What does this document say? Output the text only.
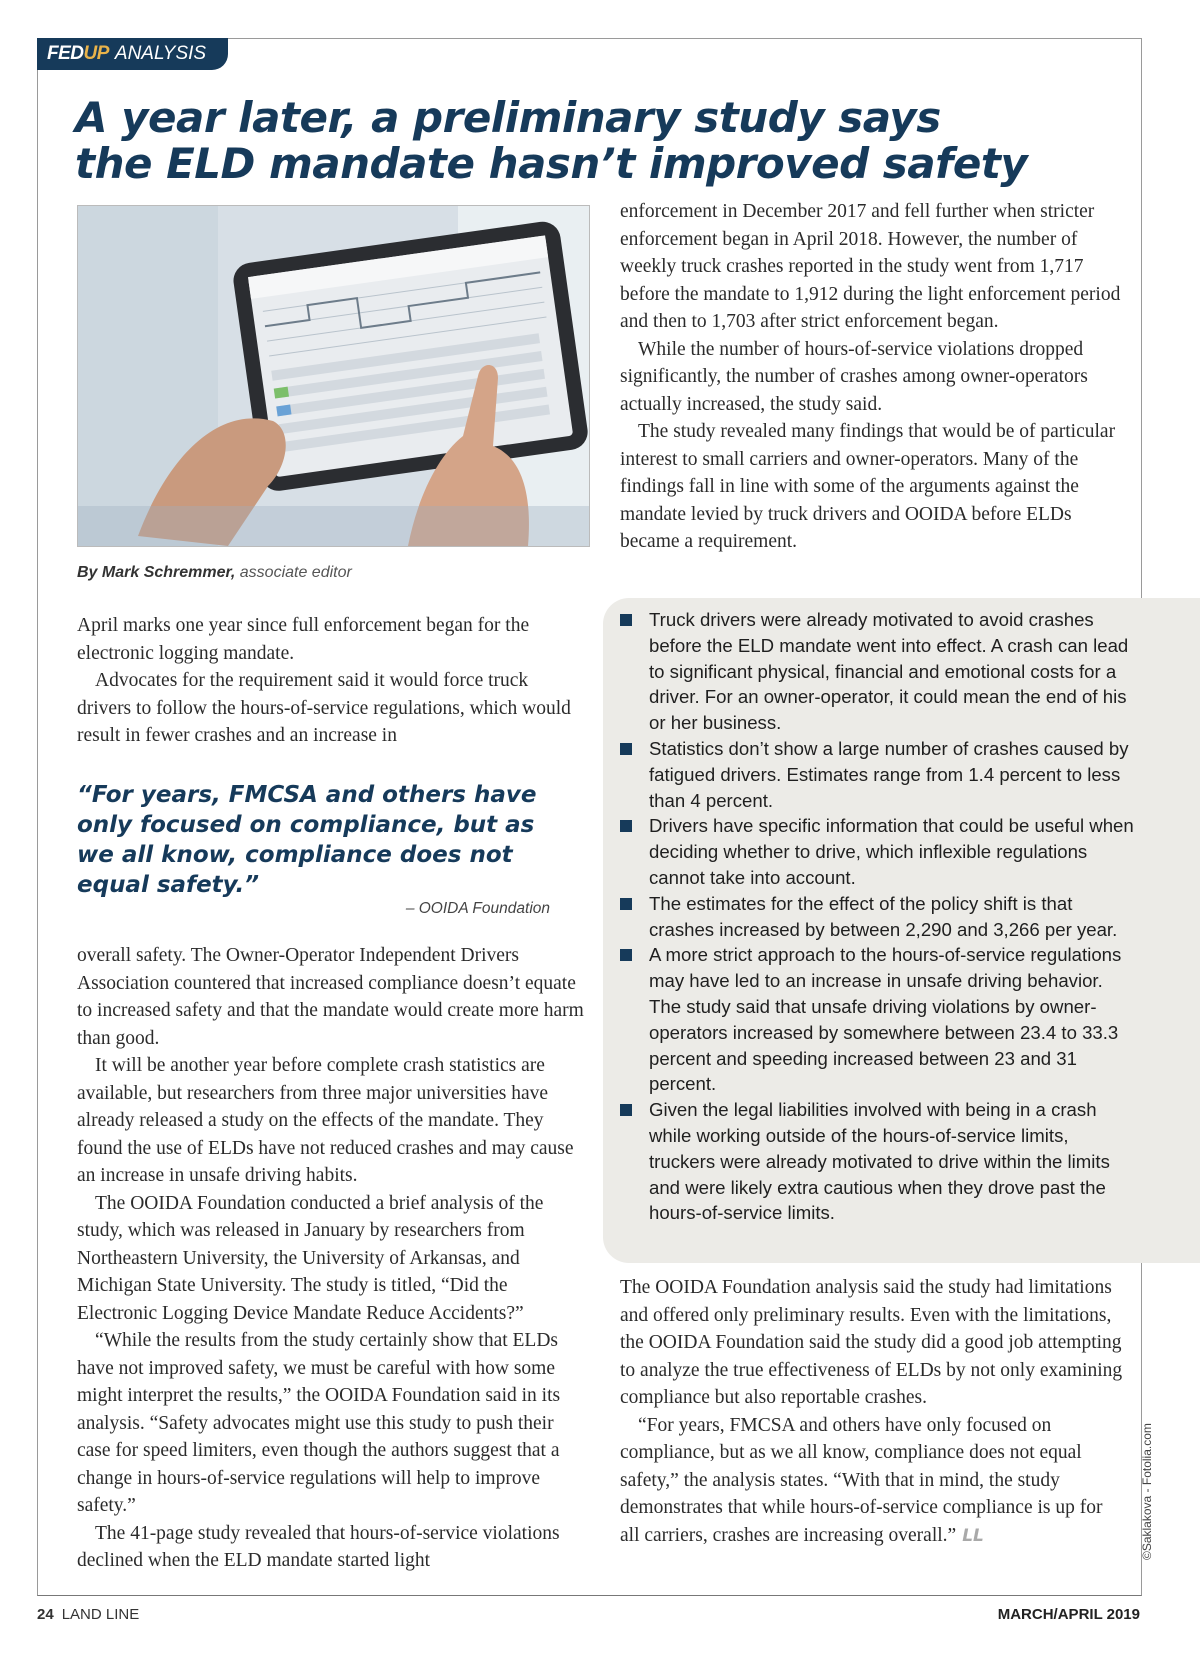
FED UP ANALYSIS
A year later, a preliminary study says
the ELD mandate hasn’t improved safety
By Mark Schremmer, associate editor

April marks one year since full enforcement began for the electronic logging mandate.

Advocates for the requirement said it would force truck drivers to follow the hours-of-service regulations, which would result in fewer crashes and an increase in

“For years, FMCSA and others have only focused on compliance, but as we all know, compliance does not equal safety.”
– OOIDA Foundation

overall safety. The Owner-Operator Independent Drivers Association countered that increased compliance doesn’t equate to increased safety and that the mandate would create more harm than good.

It will be another year before complete crash statistics are available, but researchers from three major universities have already released a study on the effects of the mandate. They found the use of ELDs have not reduced crashes and may cause an increase in unsafe driving habits.

The OOIDA Foundation conducted a brief analysis of the study, which was released in January by researchers from Northeastern University, the University of Arkansas, and Michigan State University. The study is titled, “Did the Electronic Logging Device Mandate Reduce Accidents?”

“While the results from the study certainly show that ELDs have not improved safety, we must be careful with how some might interpret the results,” the OOIDA Foundation said in its analysis. “Safety advocates might use this study to push their case for speed limiters, even though the authors suggest that a change in hours-of-service regulations will help to improve safety.”

The 41-page study revealed that hours-of-service violations declined when the ELD mandate started light

enforcement in December 2017 and fell further when stricter enforcement began in April 2018. However, the number of weekly truck crashes reported in the study went from 1,717 before the mandate to 1,912 during the light enforcement period and then to 1,703 after strict enforcement began.

While the number of hours-of-service violations dropped significantly, the number of crashes among owner-operators actually increased, the study said.

The study revealed many findings that would be of particular interest to small carriers and owner-operators. Many of the findings fall in line with some of the arguments against the mandate levied by truck drivers and OOIDA before ELDs became a requirement.

Truck drivers were already motivated to avoid crashes before the ELD mandate went into effect. A crash can lead to significant physical, financial and emotional costs for a driver. For an owner-operator, it could mean the end of his or her business.
Statistics don’t show a large number of crashes caused by fatigued drivers. Estimates range from 1.4 percent to less than 4 percent.
Drivers have specific information that could be useful when deciding whether to drive, which inflexible regulations cannot take into account.
The estimates for the effect of the policy shift is that crashes increased by between 2,290 and 3,266 per year.
A more strict approach to the hours-of-service regulations may have led to an increase in unsafe driving behavior. The study said that unsafe driving violations by owner-operators increased by somewhere between 23.4 to 33.3 percent and speeding increased between 23 and 31 percent.
Given the legal liabilities involved with being in a crash while working outside of the hours-of-service limits, truckers were already motivated to drive within the limits and were likely extra cautious when they drove past the hours-of-service limits.

The OOIDA Foundation analysis said the study had limitations and offered only preliminary results. Even with the limitations, the OOIDA Foundation said the study did a good job attempting to analyze the true effectiveness of ELDs by not only examining compliance but also reportable crashes.

“For years, FMCSA and others have only focused on compliance, but as we all know, compliance does not equal safety,” the analysis states. “With that in mind, the study demonstrates that while hours-of-service compliance is up for all carriers, crashes are increasing overall.” LL	©Saklakova - Fotolia.com
24 LAND LINE	MARCH/APRIL 2019
